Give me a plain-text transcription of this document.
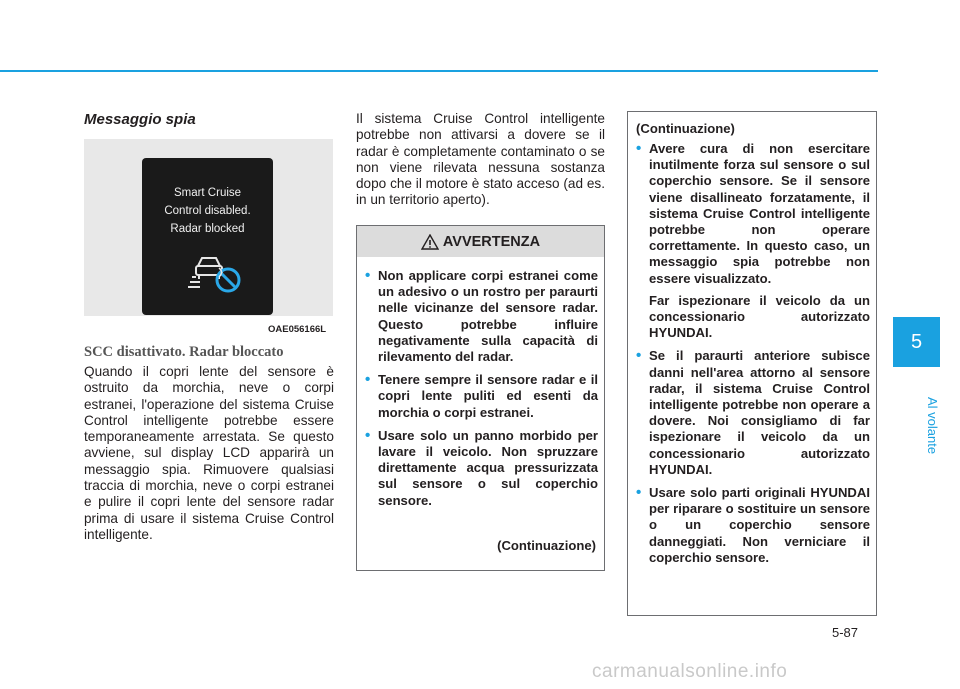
5
Al volante
Messaggio spia
Smart Cruise
Control disabled.
Radar blocked
OAE056166L
SCC disattivato. Radar bloccato
Quando il copri lente del sensore è ostruito da morchia, neve o corpi estranei, l'operazione del sistema Cruise Control intelligente potrebbe essere temporaneamente arrestata. Se questo avviene, sul display LCD apparirà un messaggio spia. Rimuovere qualsiasi traccia di morchia, neve o corpi estranei e pulire il copri lente del sensore radar prima di usare il sistema Cruise Control intelligente.
Il sistema Cruise Control intelligente potrebbe non attivarsi a dovere se il radar è completamente contaminato o se non viene rilevata nessuna sostanza dopo che il motore è stato acceso (ad es. in un territorio aperto).
AVVERTENZA
• Non applicare corpi estranei come un adesivo o un rostro per paraurti nelle vicinanze del sensore radar. Questo potrebbe influire negativamente sulla capacità di rilevamento del radar.
• Tenere sempre il sensore radar e il copri lente puliti ed esenti da morchia o corpi estranei.
• Usare solo un panno morbido per lavare il veicolo. Non spruzzare direttamente acqua pressurizzata sul sensore o sul coperchio sensore.
(Continuazione)
(Continuazione)
• Avere cura di non esercitare inutilmente forza sul sensore o sul coperchio sensore. Se il sensore viene disallineato forzatamente, il sistema Cruise Control intelligente potrebbe non operare correttamente. In questo caso, un messaggio spia potrebbe non essere visualizzato.
Far ispezionare il veicolo da un concessionario autorizzato HYUNDAI.
• Se il paraurti anteriore subisce danni nell'area attorno al sensore radar, il sistema Cruise Control intelligente potrebbe non operare a dovere. Noi consigliamo di far ispezionare il veicolo da un concessionario autorizzato HYUNDAI.
• Usare solo parti originali HYUNDAI per riparare o sostituire un sensore o un coperchio sensore danneggiati. Non verniciare il coperchio sensore.
5-87
carmanualsonline.info
